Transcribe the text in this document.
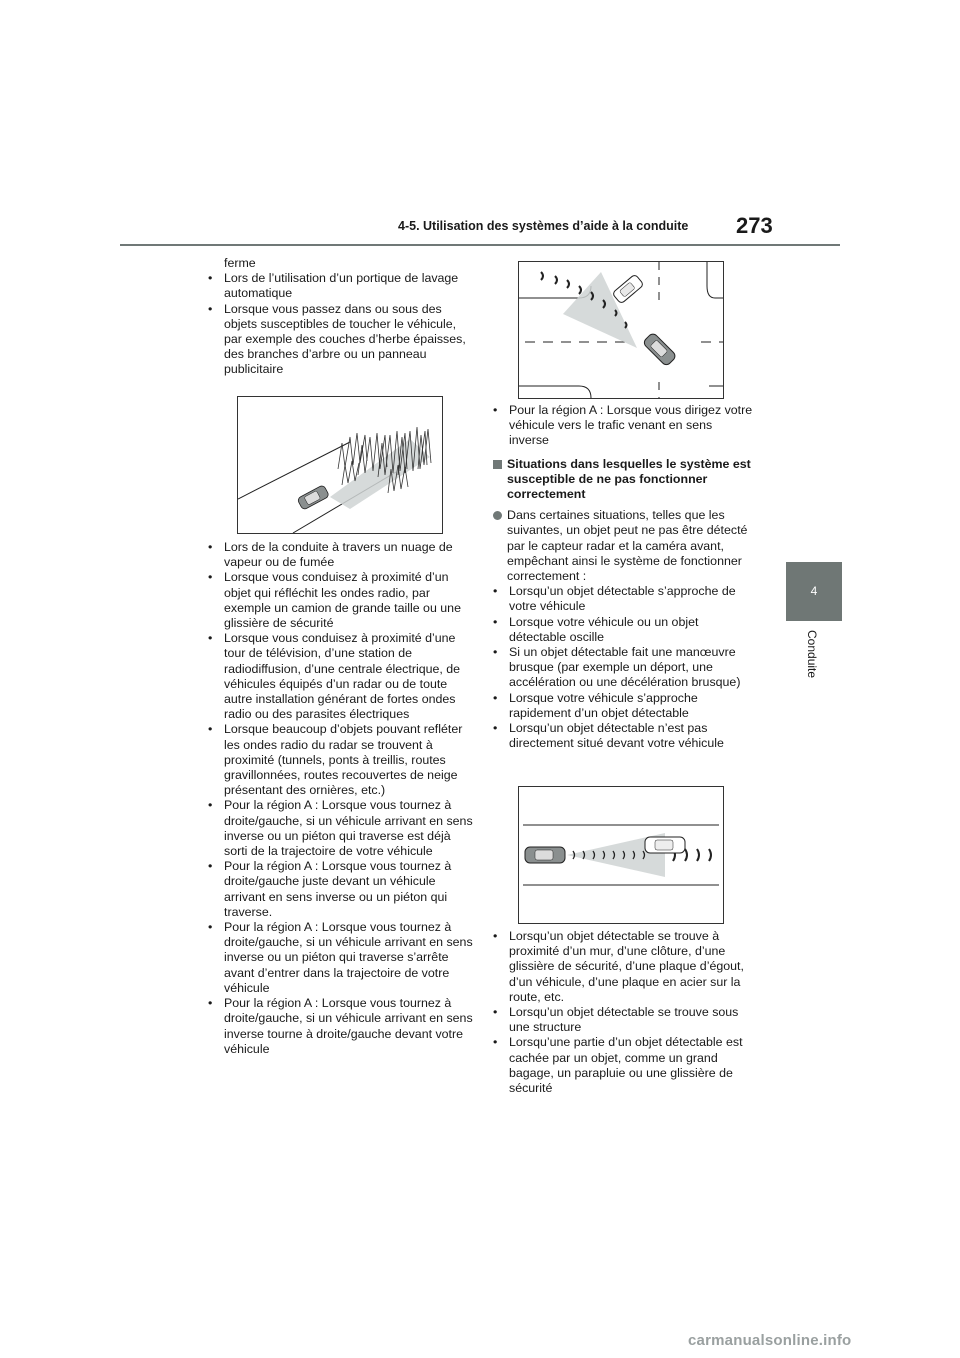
4-5. Utilisation des systèmes d’aide à la conduite 273
4
Conduite
ferme
• Lors de l’utilisation d’un portique de lavage automatique
• Lorsque vous passez dans ou sous des objets susceptibles de toucher le véhicule, par exemple des couches d’herbe épaisses, des branches d’arbre ou un panneau publicitaire
• Lors de la conduite à travers un nuage de vapeur ou de fumée
• Lorsque vous conduisez à proximité d’un objet qui réfléchit les ondes radio, par exemple un camion de grande taille ou une glissière de sécurité
• Lorsque vous conduisez à proximité d’une tour de télévision, d’une station de radiodiffusion, d’une centrale électrique, de véhicules équipés d’un radar ou de toute autre installation générant de fortes ondes radio ou des parasites électriques
• Lorsque beaucoup d’objets pouvant refléter les ondes radio du radar se trouvent à proximité (tunnels, ponts à treillis, routes gravillonnées, routes recouvertes de neige présentant des ornières, etc.)
• Pour la région A : Lorsque vous tournez à droite/gauche, si un véhicule arrivant en sens inverse ou un piéton qui traverse est déjà sorti de la trajectoire de votre véhicule
• Pour la région A : Lorsque vous tournez à droite/gauche juste devant un véhicule arrivant en sens inverse ou un piéton qui traverse.
• Pour la région A : Lorsque vous tournez à droite/gauche, si un véhicule arrivant en sens inverse ou un piéton qui traverse s’arrête avant d’entrer dans la trajectoire de votre véhicule
• Pour la région A : Lorsque vous tournez à droite/gauche, si un véhicule arrivant en sens inverse tourne à droite/gauche devant votre véhicule
• Pour la région A : Lorsque vous dirigez votre véhicule vers le trafic venant en sens inverse
Situations dans lesquelles le système est susceptible de ne pas fonctionner correctement
Dans certaines situations, telles que les suivantes, un objet peut ne pas être détecté par le capteur radar et la caméra avant, empêchant ainsi le système de fonctionner correctement :
• Lorsqu’un objet détectable s’approche de votre véhicule
• Lorsque votre véhicule ou un objet détectable oscille
• Si un objet détectable fait une manœuvre brusque (par exemple un déport, une accélération ou une décélération brusque)
• Lorsque votre véhicule s’approche rapidement d’un objet détectable
• Lorsqu’un objet détectable n’est pas directement situé devant votre véhicule
• Lorsqu’un objet détectable se trouve à proximité d’un mur, d’une clôture, d’une glissière de sécurité, d’une plaque d’égout, d’un véhicule, d’une plaque en acier sur la route, etc.
• Lorsqu’un objet détectable se trouve sous une structure
• Lorsqu’une partie d’un objet détectable est cachée par un objet, comme un grand bagage, un parapluie ou une glissière de sécurité
carmanualsonline.info
